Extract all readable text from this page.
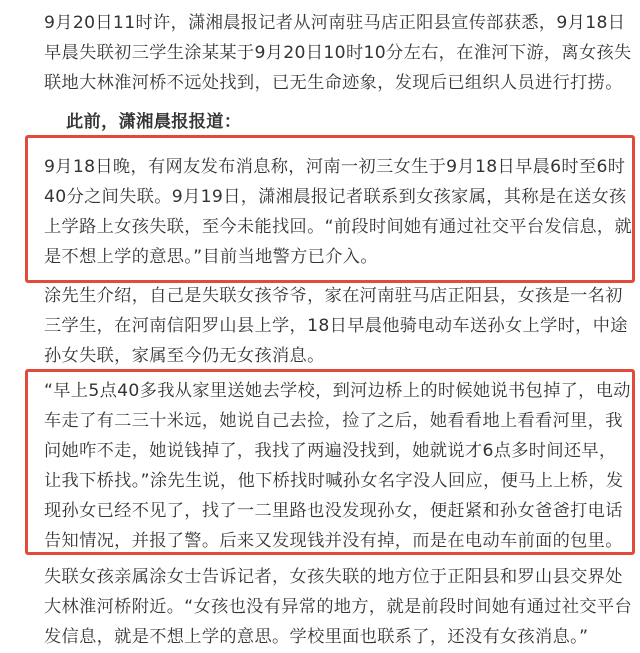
9月20日11时许，潇湘晨报记者从河南驻马店正阳县宣传部获悉，9月18日早晨失联初三学生涂某某于9月20日10时10分左右，在淮河下游，离女孩失联地大林淮河桥不远处找到，已无生命迹象，发现后已组织人员进行打捞。

此前，潇湘晨报报道：

9月18日晚，有网友发布消息称，河南一初三女生于9月18日早晨6时至6时40分之间失联。9月19日，潇湘晨报记者联系到女孩家属，其称是在送女孩上学路上女孩失联，至今未能找回。“前段时间她有通过社交平台发信息，就是不想上学的意思。”目前当地警方已介入。

涂先生介绍，自己是失联女孩爷爷，家在河南驻马店正阳县，女孩是一名初三学生，在河南信阳罗山县上学，18日早晨他骑电动车送孙女上学时，中途孙女失联，家属至今仍无女孩消息。

“早上5点40多我从家里送她去学校，到河边桥上的时候她说书包掉了，电动车走了有二三十米远，她说自己去捡，捡了之后，她看看地上看看河里，我问她咋不走，她说钱掉了，我找了两遍没找到，她就说才6点多时间还早，让我下桥找。”涂先生说，他下桥找时喊孙女名字没人回应，便马上上桥，发现孙女已经不见了，找了一二里路也没发现孙女，便赶紧和孙女爸爸打电话告知情况，并报了警。后来又发现钱并没有掉，而是在电动车前面的包里。

失联女孩亲属涂女士告诉记者，女孩失联的地方位于正阳县和罗山县交界处大林淮河桥附近。“女孩也没有异常的地方，就是前段时间她有通过社交平台发信息，就是不想上学的意思。学校里面也联系了，还没有女孩消息。”
